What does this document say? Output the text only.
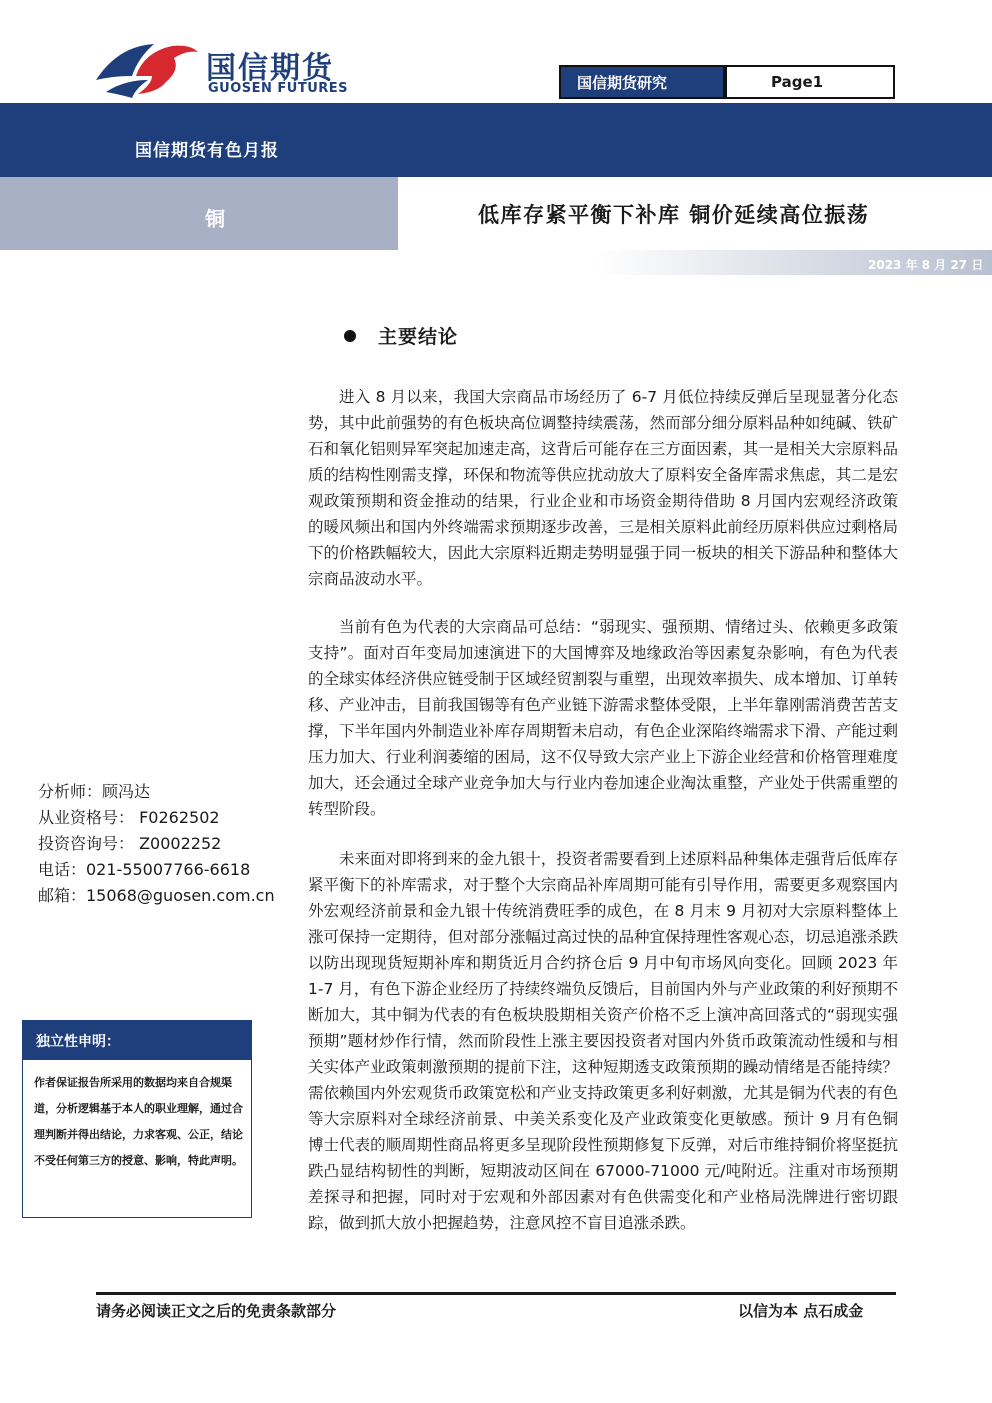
国信期货
GUOSEN FUTURES	国信期货研究	Page1
国信期货有色月报
铜	低库存紧平衡下补库 铜价延续高位振荡
2023 年 8 月 27 日
主要结论
进入 8 月以来，我国大宗商品市场经历了 6-7 月低位持续反弹后呈现显著分化态势，其中此前强势的有色板块高位调整持续震荡，然而部分细分原料品种如纯碱、铁矿石和氧化铝则异军突起加速走高，这背后可能存在三方面因素，其一是相关大宗原料品质的结构性刚需支撑，环保和物流等供应扰动放大了原料安全备库需求焦虑，其二是宏观政策预期和资金推动的结果，行业企业和市场资金期待借助 8 月国内宏观经济政策的暖风频出和国内外终端需求预期逐步改善，三是相关原料此前经历原料供应过剩格局下的价格跌幅较大，因此大宗原料近期走势明显强于同一板块的相关下游品种和整体大宗商品波动水平。
当前有色为代表的大宗商品可总结：“弱现实、强预期、情绪过头、依赖更多政策支持”。面对百年变局加速演进下的大国博弈及地缘政治等因素复杂影响，有色为代表的全球实体经济供应链受制于区域经贸割裂与重塑，出现效率损失、成本增加、订单转移、产业冲击，目前我国锡等有色产业链下游需求整体受限，上半年靠刚需消费苦苦支撑，下半年国内外制造业补库存周期暂未启动，有色企业深陷终端需求下滑、产能过剩压力加大、行业利润萎缩的困局，这不仅导致大宗产业上下游企业经营和价格管理难度加大，还会通过全球产业竞争加大与行业内卷加速企业淘汰重整，产业处于供需重塑的转型阶段。
未来面对即将到来的金九银十，投资者需要看到上述原料品种集体走强背后低库存紧平衡下的补库需求，对于整个大宗商品补库周期可能有引导作用，需要更多观察国内外宏观经济前景和金九银十传统消费旺季的成色，在 8 月末 9 月初对大宗原料整体上涨可保持一定期待，但对部分涨幅过高过快的品种宜保持理性客观心态，切忌追涨杀跌以防出现现货短期补库和期货近月合约挤仓后 9 月中旬市场风向变化。回顾 2023 年 1-7 月，有色下游企业经历了持续终端负反馈后，目前国内外与产业政策的利好预期不断加大，其中铜为代表的有色板块股期相关资产价格不乏上演冲高回落式的“弱现实强预期”题材炒作行情，然而阶段性上涨主要因投资者对国内外货币政策流动性缓和与相关实体产业政策刺激预期的提前下注，这种短期透支政策预期的躁动情绪是否能持续？需依赖国内外宏观货币政策宽松和产业支持政策更多利好刺激，尤其是铜为代表的有色等大宗原料对全球经济前景、中美关系变化及产业政策变化更敏感。预计 9 月有色铜博士代表的顺周期性商品将更多呈现阶段性预期修复下反弹，对后市维持铜价将坚挺抗跌凸显结构韧性的判断，短期波动区间在 67000-71000 元/吨附近。注重对市场预期差探寻和把握，同时对于宏观和外部因素对有色供需变化和产业格局洗牌进行密切跟踪，做到抓大放小把握趋势，注意风控不盲目追涨杀跌。
分析师：顾冯达
从业资格号： F0262502
投资咨询号： Z0002252
电话：021-55007766-6618
邮箱：15068@guosen.com.cn
独立性申明：
作者保证报告所采用的数据均来自合规渠道，分析逻辑基于本人的职业理解，通过合理判断并得出结论，力求客观、公正，结论不受任何第三方的授意、影响，特此声明。
请务必阅读正文之后的免责条款部分	以信为本 点石成金
